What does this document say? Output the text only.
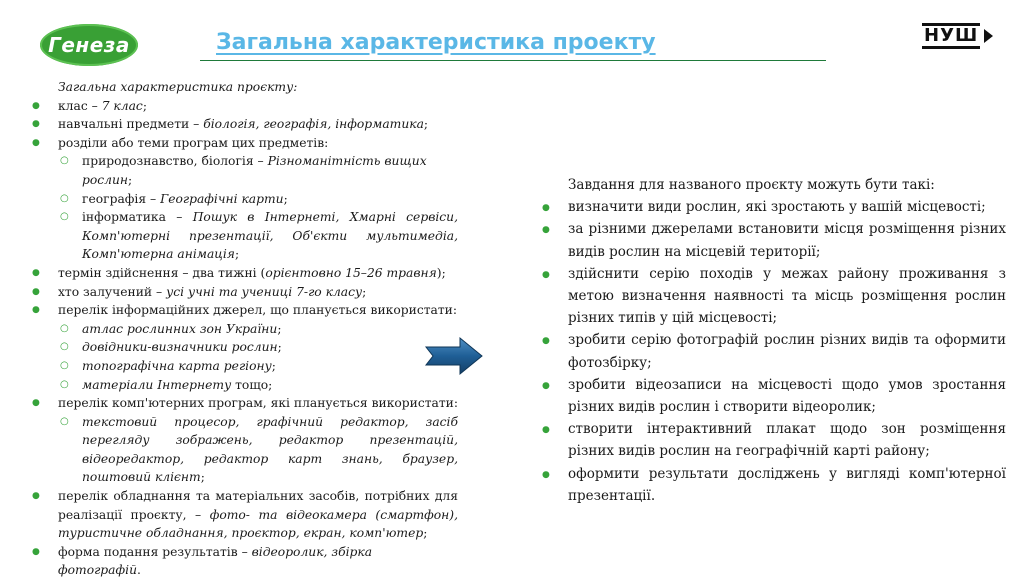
Генеза	Загальна характеристика проекту	НУШ

Загальна характеристика проєкту:

● клас – 7 клас;
● навчальні предмети – біологія, географія, інформатика;
● розділи або теми програм цих предметів:
○ природознавство, біологія – Різноманітність вищих рослин;
○ географія – Географічні карти;
○ інформатика – Пошук в Інтернеті, Хмарні сервіси, Комп'ютерні презентації, Об'єкти мультимедіа, Комп'ютерна анімація;
● термін здійснення – два тижні (орієнтовно 15–26 травня);
● хто залучений – усі учні та учениці 7-го класу;
● перелік інформаційних джерел, що планується використати:
○ атлас рослинних зон України;
○ довідники-визначники рослин;
○ топографічна карта регіону;
○ матеріали Інтернету тощо;
● перелік комп'ютерних програм, які планується використати:
○ текстовий процесор, графічний редактор, засіб перегляду зображень, редактор презентацій, відеоредактор, редактор карт знань, браузер, поштовий клієнт;
● перелік обладнання та матеріальних засобів, потрібних для реалізації проєкту, – фото- та відеокамера (смартфон), туристичне обладнання, проєктор, екран, комп'ютер;
● форма подання результатів – відеоролик, збірка фотографій.

Завдання для названого проєкту можуть бути такі:

● визначити види рослин, які зростають у вашій місцевості;
● за різними джерелами встановити місця розміщення різних видів рослин на місцевій території;
● здійснити серію походів у межах району проживання з метою визначення наявності та місць розміщення рослин різних типів у цій місцевості;
● зробити серію фотографій рослин різних видів та оформити фотозбірку;
● зробити відеозаписи на місцевості щодо умов зростання різних видів рослин і створити відеоролик;
● створити інтерактивний плакат щодо зон розміщення різних видів рослин на географічній карті району;
● оформити результати досліджень у вигляді комп'ютерної презентації.
